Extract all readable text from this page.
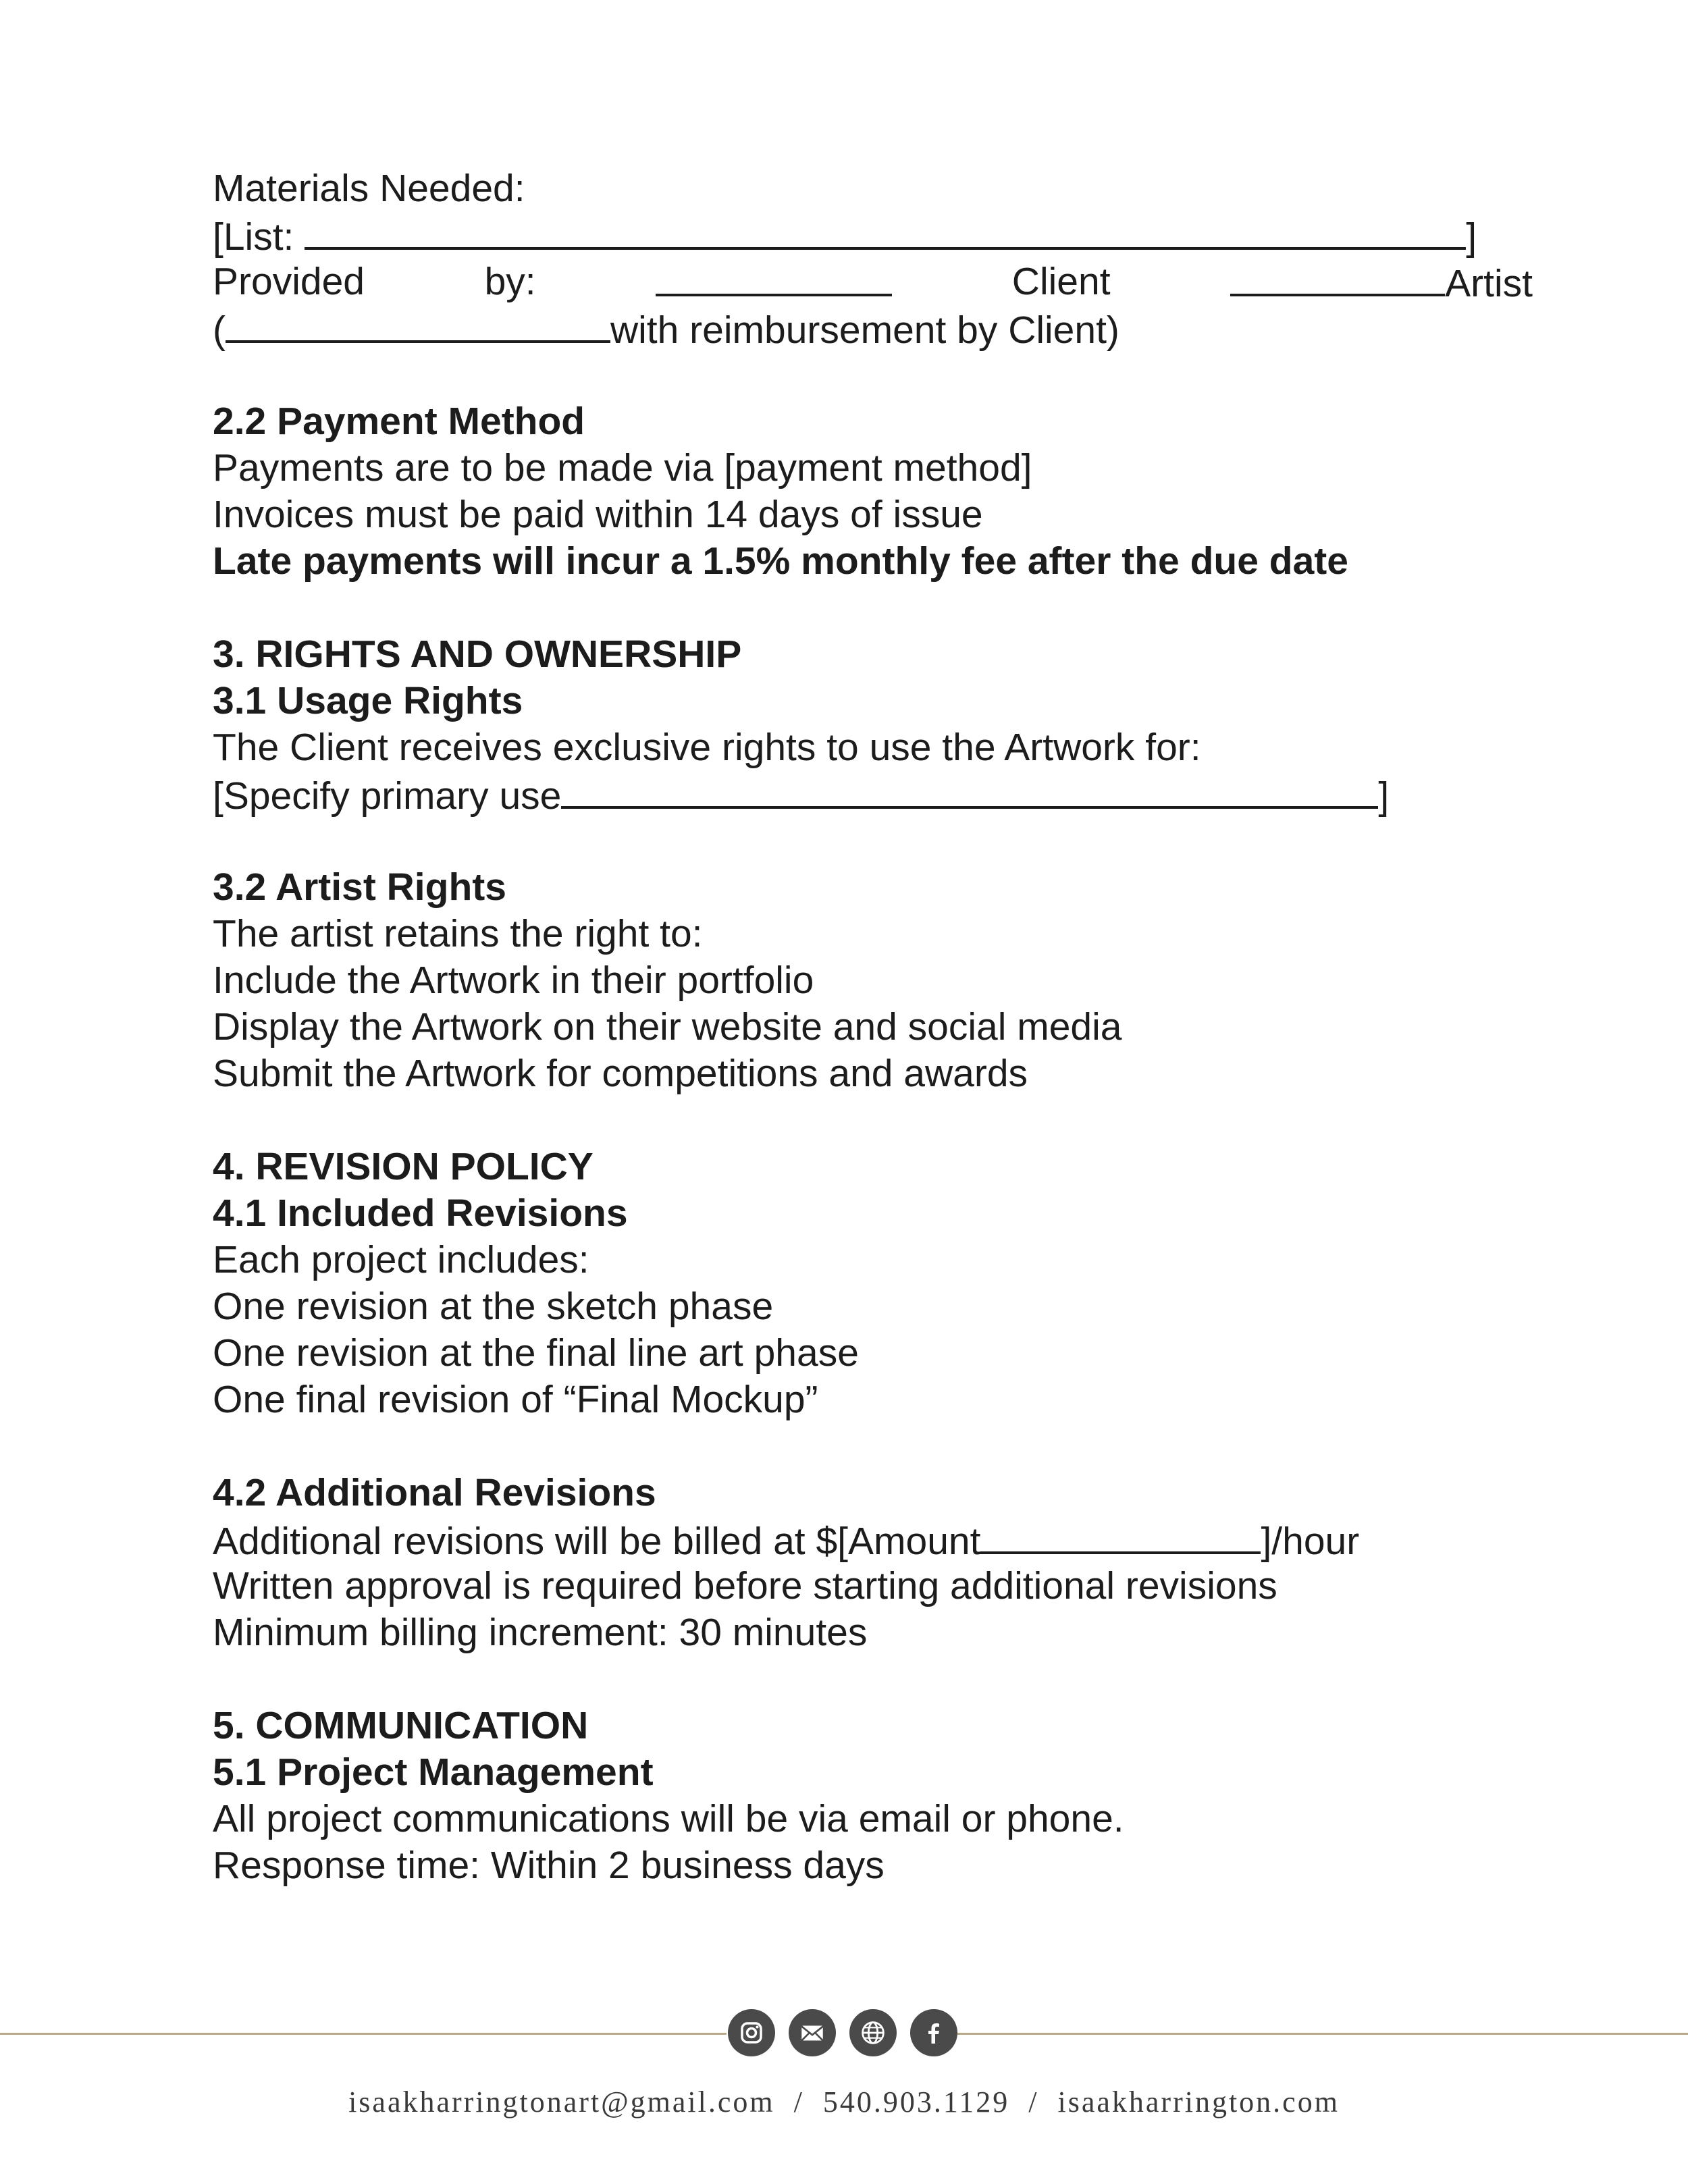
Materials Needed:
[List:	]
Provided	by:	Client	Artist
(	with reimbursement by Client)
2.2 Payment Method
Payments are to be made via [payment method]
Invoices must be paid within 14 days of issue
Late payments will incur a 1.5% monthly fee after the due date
3. RIGHTS AND OWNERSHIP
3.1 Usage Rights
The Client receives exclusive rights to use the Artwork for:
[Specify primary use	]
3.2 Artist Rights
The artist retains the right to:
Include the Artwork in their portfolio
Display the Artwork on their website and social media
Submit the Artwork for competitions and awards
4. REVISION POLICY
4.1 Included Revisions
Each project includes:
One revision at the sketch phase
One revision at the final line art phase
One final revision of “Final Mockup”
4.2 Additional Revisions
Additional revisions will be billed at $[Amount	]/hour
Written approval is required before starting additional revisions
Minimum billing increment: 30 minutes
5. COMMUNICATION
5.1 Project Management
All project communications will be via email or phone.
Response time: Within 2 business days
isaakharringtonart@gmail.com / 540.903.1129 / isaakharrington.com
